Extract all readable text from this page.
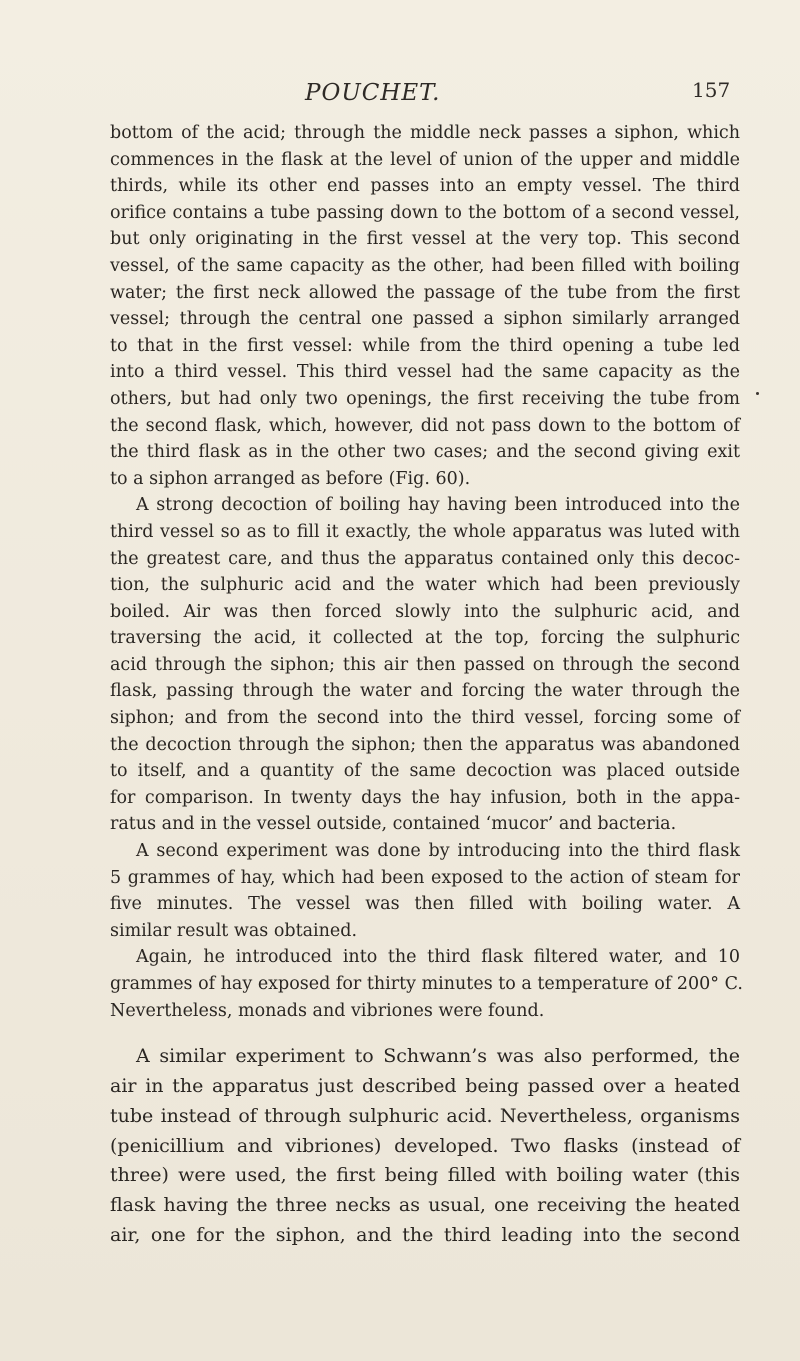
POUCHET.	157

bottom of the acid; through the middle neck passes a siphon, which
commences in the flask at the level of union of the upper and middle
thirds, while its other end passes into an empty vessel. The third
orifice contains a tube passing down to the bottom of a second vessel,
but only originating in the first vessel at the very top. This second
vessel, of the same capacity as the other, had been filled with boiling
water; the first neck allowed the passage of the tube from the first
vessel; through the central one passed a siphon similarly arranged
to that in the first vessel: while from the third opening a tube led
into a third vessel. This third vessel had the same capacity as the
others, but had only two openings, the first receiving the tube from
the second flask, which, however, did not pass down to the bottom of
the third flask as in the other two cases; and the second giving exit
to a siphon arranged as before (Fig. 60).

A strong decoction of boiling hay having been introduced into the
third vessel so as to fill it exactly, the whole apparatus was luted with
the greatest care, and thus the apparatus contained only this decoc-
tion, the sulphuric acid and the water which had been previously
boiled. Air was then forced slowly into the sulphuric acid, and
traversing the acid, it collected at the top, forcing the sulphuric
acid through the siphon; this air then passed on through the second
flask, passing through the water and forcing the water through the
siphon; and from the second into the third vessel, forcing some of
the decoction through the siphon; then the apparatus was abandoned
to itself, and a quantity of the same decoction was placed outside
for comparison. In twenty days the hay infusion, both in the appa-
ratus and in the vessel outside, contained ‘mucor’ and bacteria.

A second experiment was done by introducing into the third flask
5 grammes of hay, which had been exposed to the action of steam for
five minutes. The vessel was then filled with boiling water. A
similar result was obtained.

Again, he introduced into the third flask filtered water, and 10
grammes of hay exposed for thirty minutes to a temperature of 200° C.
Nevertheless, monads and vibriones were found.

A similar experiment to Schwann’s was also performed, the
air in the apparatus just described being passed over a heated
tube instead of through sulphuric acid. Nevertheless, organisms
(penicillium and vibriones) developed. Two flasks (instead of
three) were used, the first being filled with boiling water (this
flask having the three necks as usual, one receiving the heated
air, one for the siphon, and the third leading into the second
